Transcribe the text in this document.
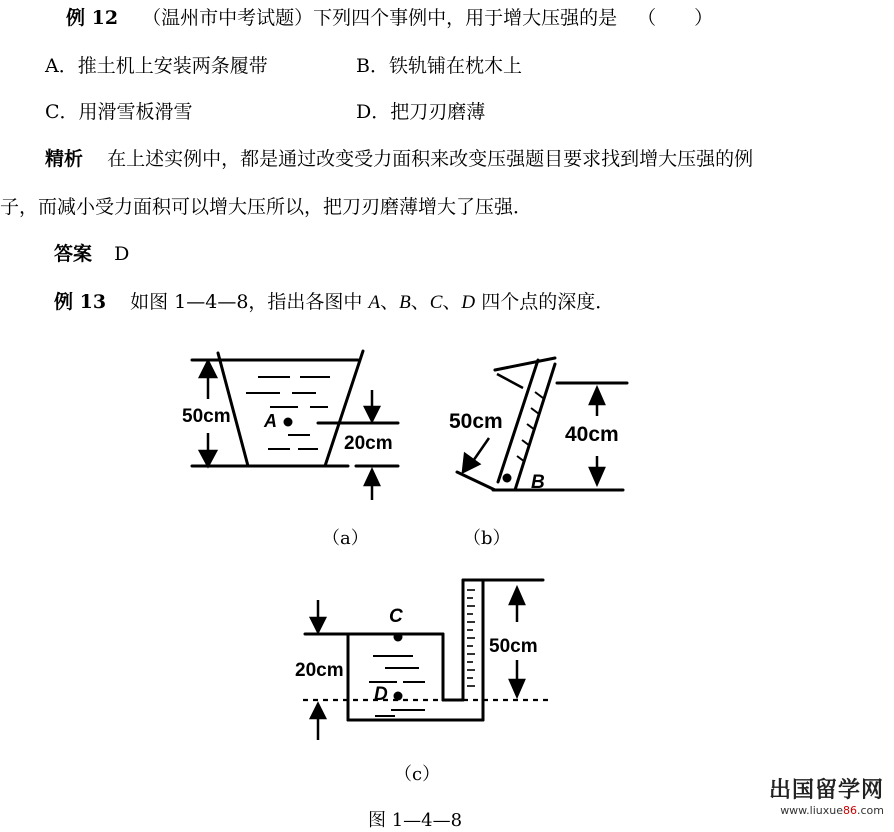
例 12 （温州市中考试题）下列四个事例中，用于增大压强的是 （　　）
A．推土机上安装两条履带	B．铁轨铺在枕木上
C．用滑雪板滑雪	D．把刀刃磨薄
精析 在上述实例中，都是通过改变受力面积来改变压强题目要求找到增大压强的例
子，而减小受力面积可以增大压所以，把刀刃磨薄增大了压强．
答案 D
例 13 如图 1—4—8，指出各图中 A、B、C、D 四个点的深度．
50cm A
20cm
50cm
40cm
B
（a）	（b）
20cm
50cm
C
D
（c）
图 1—4—8
出国留学网
www.liuxue86.com
